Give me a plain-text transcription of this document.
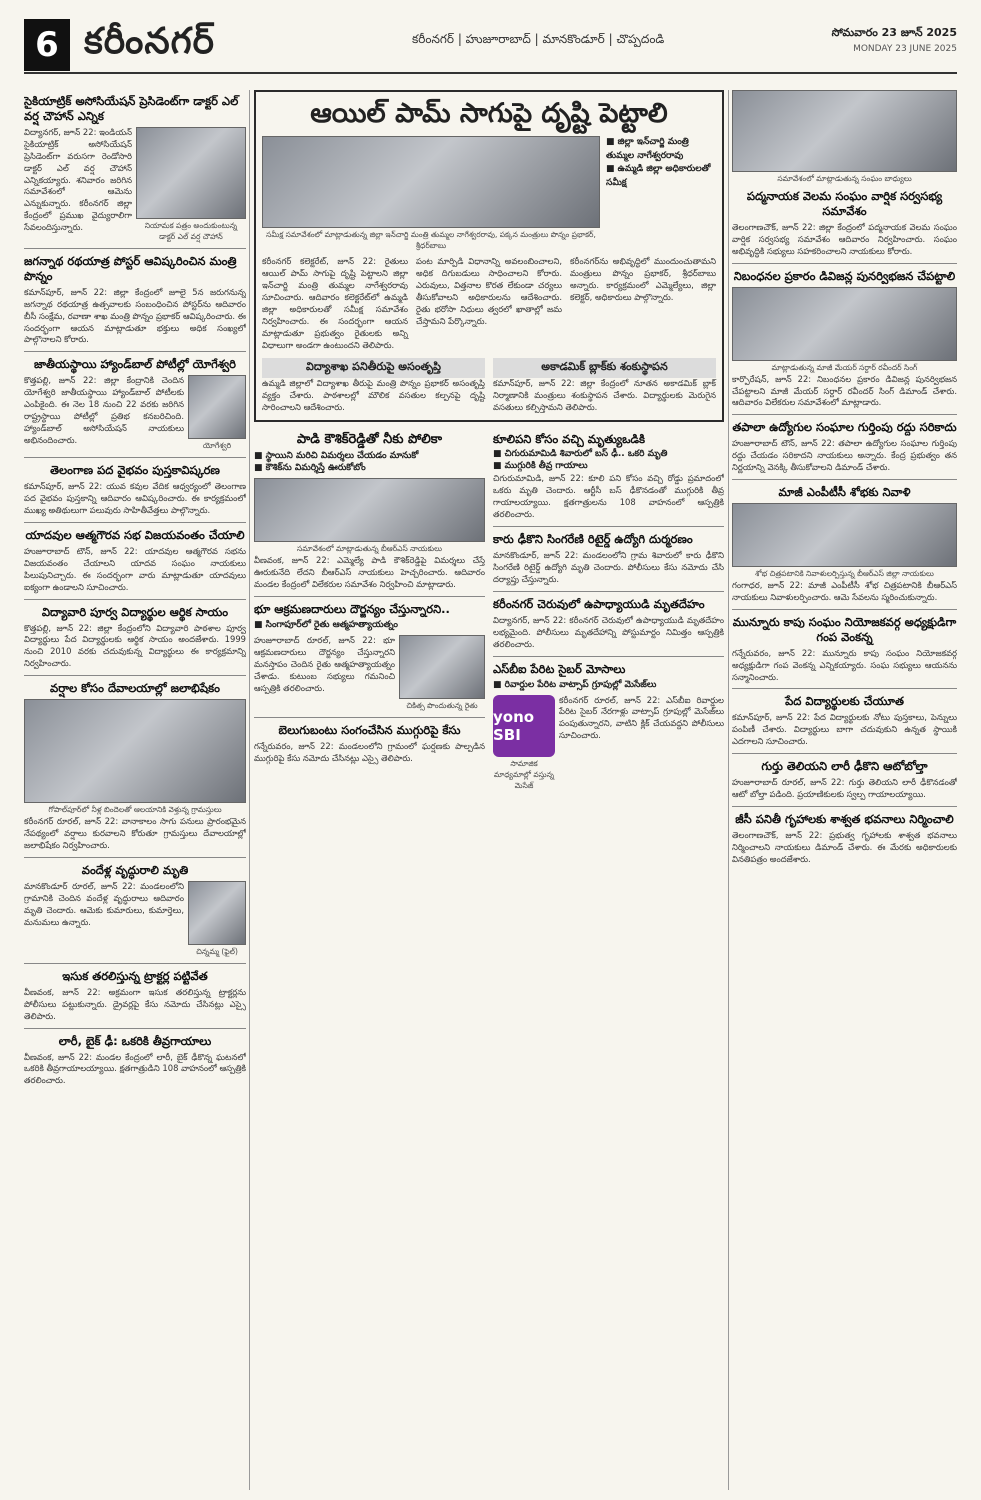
6 కరీంనగర్	కరీంనగర్ | హుజూరాబాద్ | మానకొండూర్ | చొప్పదండి	సోమవారం 23 జూన్ 2025
MONDAY 23 JUNE 2025
సైకియాట్రిక్ అసోసియేషన్ ప్రెసిడెంట్‌గా డాక్టర్ ఎల్ వర్ష చౌహాన్ ఎన్నిక
విద్యానగర్, జూన్ 22: ఇండియన్ సైకియాట్రిక్ అసోసియేషన్ ప్రెసిడెంట్‌గా వరుసగా రెండోసారి డాక్టర్ ఎల్ వర్ష చౌహాన్ ఎన్నికయ్యారు. శనివారం జరిగిన సమావేశంలో ఆమెను ఎన్నుకున్నారు. కరీంనగర్ జిల్లా కేంద్రంలో ప్రముఖ వైద్యురాలిగా సేవలందిస్తున్నారు.	నియామక పత్రం అందుకుంటున్న డాక్టర్ ఎల్ వర్ష చౌహాన్
జగన్నాథ రథయాత్ర పోస్టర్ ఆవిష్కరించిన మంత్రి పొన్నం
కమాన్‌పూర్, జూన్ 22: జిల్లా కేంద్రంలో జూలై 5న జరుగనున్న జగన్నాథ రథయాత్ర ఉత్సవాలకు సంబంధించిన పోస్టర్‌ను ఆదివారం బీసీ సంక్షేమ, రవాణా శాఖ మంత్రి పొన్నం ప్రభాకర్ ఆవిష్కరించారు. ఈ సందర్భంగా ఆయన మాట్లాడుతూ భక్తులు అధిక సంఖ్యలో పాల్గొనాలని కోరారు.
జాతీయస్థాయి హ్యాండ్‌బాల్ పోటీల్లో యోగేశ్వరి
కొత్తపల్లి, జూన్ 22: జిల్లా కేంద్రానికి చెందిన యోగేశ్వరి జాతీయస్థాయి హ్యాండ్‌బాల్ పోటీలకు ఎంపికైంది. ఈ నెల 18 నుంచి 22 వరకు జరిగిన రాష్ట్రస్థాయి పోటీల్లో ప్రతిభ కనబరిచింది. హ్యాండ్‌బాల్ అసోసియేషన్ నాయకులు అభినందించారు.
యోగేశ్వరి
తెలంగాణ పద వైభవం పుస్తకావిష్కరణ
కమాన్‌పూర్, జూన్ 22: యువ కవుల వేదిక ఆధ్వర్యంలో తెలంగాణ పద వైభవం పుస్తకాన్ని ఆదివారం ఆవిష్కరించారు. ఈ కార్యక్రమంలో ముఖ్య అతిథులుగా పలువురు సాహితీవేత్తలు పాల్గొన్నారు.
యాదవుల ఆత్మగౌరవ సభ విజయవంతం చేయాలి
హుజూరాబాద్ టౌన్, జూన్ 22: యాదవుల ఆత్మగౌరవ సభను విజయవంతం చేయాలని యాదవ సంఘం నాయకులు పిలుపునిచ్చారు. ఈ సందర్భంగా వారు మాట్లాడుతూ యాదవులు ఐక్యంగా ఉండాలని సూచించారు.
విద్యావారి పూర్వ విద్యార్థుల ఆర్థిక సాయం
కొత్తపల్లి, జూన్ 22: జిల్లా కేంద్రంలోని విద్యావారి పాఠశాల పూర్వ విద్యార్థులు పేద విద్యార్థులకు ఆర్థిక సాయం అందజేశారు. 1999 నుంచి 2010 వరకు చదువుకున్న విద్యార్థులు ఈ కార్యక్రమాన్ని నిర్వహించారు.
వర్షాల కోసం దేవాలయాల్లో జలాభిషేకం
గోపాల్‌పూర్‌లో నీళ్ల బిందెలతో ఆలయానికి వెళ్తున్న గ్రామస్తులు
కరీంనగర్ రూరల్, జూన్ 22: వానాకాలం సాగు పనులు ప్రారంభమైన నేపథ్యంలో వర్షాలు కురవాలని కోరుతూ గ్రామస్తులు దేవాలయాల్లో జలాభిషేకం నిర్వహించారు.
వందేళ్ల వృద్ధురాలి మృతి
మానకొండూర్ రూరల్, జూన్ 22: మండలంలోని గ్రామానికి చెందిన వందేళ్ల వృద్ధురాలు ఆదివారం మృతి చెందారు. ఆమెకు కుమారులు, కుమార్తెలు, మనుమలు ఉన్నారు.
చిన్నమ్మ (ఫైల్)
ఇసుక తరలిస్తున్న ట్రాక్టర్ల పట్టివేత
వీణవంక, జూన్ 22: అక్రమంగా ఇసుక తరలిస్తున్న ట్రాక్టర్లను పోలీసులు పట్టుకున్నారు. డ్రైవర్లపై కేసు నమోదు చేసినట్లు ఎస్సై తెలిపారు.
లారీ, బైక్ ఢీ: ఒకరికి తీవ్రగాయాలు
వీణవంక, జూన్ 22: మండల కేంద్రంలో లారీ, బైక్ ఢీకొన్న ఘటనలో ఒకరికి తీవ్రగాయాలయ్యాయి. క్షతగాత్రుడిని 108 వాహనంలో ఆస్పత్రికి తరలించారు.
ఆయిల్ పామ్ సాగుపై దృష్టి పెట్టాలి
సమీక్ష సమావేశంలో మాట్లాడుతున్న జిల్లా ఇన్‌చార్జి మంత్రి తుమ్మల నాగేశ్వరరావు, పక్కన మంత్రులు పొన్నం ప్రభాకర్, శ్రీధర్‌బాబు
■ జిల్లా ఇన్‌చార్జి మంత్రి తుమ్మల నాగేశ్వరరావు
■ ఉమ్మడి జిల్లా అధికారులతో సమీక్ష
కరీంనగర్ కలెక్టరేట్, జూన్ 22: రైతులు ఆయిల్ పామ్ సాగుపై దృష్టి పెట్టాలని జిల్లా ఇన్‌చార్జి మంత్రి తుమ్మల నాగేశ్వరరావు సూచించారు. ఆదివారం కలెక్టరేట్‌లో ఉమ్మడి జిల్లా అధికారులతో సమీక్ష సమావేశం నిర్వహించారు. ఈ సందర్భంగా ఆయన మాట్లాడుతూ ప్రభుత్వం రైతులకు అన్ని విధాలుగా అండగా ఉంటుందని తెలిపారు.
పంట మార్పిడి విధానాన్ని అవలంబించాలని, అధిక దిగుబడులు సాధించాలని కోరారు. ఎరువులు, విత్తనాల కొరత లేకుండా చర్యలు తీసుకోవాలని అధికారులను ఆదేశించారు. రైతు భరోసా నిధులు త్వరలో ఖాతాల్లో జమ చేస్తామని పేర్కొన్నారు.
కరీంనగర్‌ను అభివృద్ధిలో ముందుంచుతామని మంత్రులు పొన్నం ప్రభాకర్, శ్రీధర్‌బాబు అన్నారు. కార్యక్రమంలో ఎమ్మెల్యేలు, జిల్లా కలెక్టర్, అధికారులు పాల్గొన్నారు.
విద్యాశాఖ పనితీరుపై అసంతృప్తి
ఉమ్మడి జిల్లాలో విద్యాశాఖ తీరుపై మంత్రి పొన్నం ప్రభాకర్ అసంతృప్తి వ్యక్తం చేశారు. పాఠశాలల్లో మౌలిక వసతుల కల్పనపై దృష్టి సారించాలని ఆదేశించారు.
అకాడమిక్ బ్లాక్‌కు శంకుస్థాపన
కమాన్‌పూర్, జూన్ 22: జిల్లా కేంద్రంలో నూతన అకాడమిక్ బ్లాక్ నిర్మాణానికి మంత్రులు శంకుస్థాపన చేశారు. విద్యార్థులకు మెరుగైన వసతులు కల్పిస్తామని తెలిపారు.
పాడి కౌశిక్‌రెడ్డితో నీకు పోలికా
■ స్థాయిని మరిచి విమర్శలు చేయడం మానుకో
■ కౌశిక్‌ను విమర్శిస్తే ఊరుకోబోం
సమావేశంలో మాట్లాడుతున్న బీఆర్ఎస్ నాయకులు
వీణవంక, జూన్ 22: ఎమ్మెల్యే పాడి కౌశిక్‌రెడ్డిపై విమర్శలు చేస్తే ఊరుకునేది లేదని బీఆర్ఎస్ నాయకులు హెచ్చరించారు. ఆదివారం మండల కేంద్రంలో విలేకరుల సమావేశం నిర్వహించి మాట్లాడారు.
భూ ఆక్రమణదారులు దౌర్జన్యం చేస్తున్నారని..
■ సింగాపూర్‌లో రైతు ఆత్మహత్యాయత్నం
హుజూరాబాద్ రూరల్, జూన్ 22: భూ ఆక్రమణదారులు దౌర్జన్యం చేస్తున్నారని మనస్తాపం చెందిన రైతు ఆత్మహత్యాయత్నం చేశాడు. కుటుంబ సభ్యులు గమనించి ఆస్పత్రికి తరలించారు.
చికిత్స పొందుతున్న రైతు
బెలుగుబంటు సంగంచేసిన ముగ్గురిపై కేసు
గన్నేరువరం, జూన్ 22: మండలంలోని గ్రామంలో ఘర్షణకు పాల్పడిన ముగ్గురిపై కేసు నమోదు చేసినట్లు ఎస్సై తెలిపారు.
కూలిపని కోసం వచ్చి మృత్యుఒడికి
■ చిగురుమామిడి శివారులో బస్ ఢీ.. ఒకరి మృతి
■ ముగ్గురికి తీవ్ర గాయాలు
చిగురుమామిడి, జూన్ 22: కూలి పని కోసం వచ్చి రోడ్డు ప్రమాదంలో ఒకరు మృతి చెందారు. ఆర్టీసీ బస్ ఢీకొనడంతో ముగ్గురికి తీవ్ర గాయాలయ్యాయి. క్షతగాత్రులను 108 వాహనంలో ఆస్పత్రికి తరలించారు.
కారు ఢీకొని సింగరేణి రిటైర్డ్ ఉద్యోగి దుర్మరణం
మానకొండూర్, జూన్ 22: మండలంలోని గ్రామ శివారులో కారు ఢీకొని సింగరేణి రిటైర్డ్ ఉద్యోగి మృతి చెందారు. పోలీసులు కేసు నమోదు చేసి దర్యాప్తు చేస్తున్నారు.
కరీంనగర్‌ చెరువులో ఉపాధ్యాయుడి మృతదేహం
విద్యానగర్, జూన్ 22: కరీంనగర్ చెరువులో ఉపాధ్యాయుడి మృతదేహం లభ్యమైంది. పోలీసులు మృతదేహాన్ని పోస్టుమార్టం నిమిత్తం ఆస్పత్రికి తరలించారు.
ఎస్‌బీఐ పేరిట సైబర్ మోసాలు
■ రివార్డుల పేరిట వాట్సాప్ గ్రూపుల్లో మెసేజ్‌లు
yono SBI
సామాజిక మాధ్యమాల్లో వస్తున్న మెసేజ్
కరీంనగర్ రూరల్, జూన్ 22: ఎస్‌బీఐ రివార్డుల పేరిట సైబర్ నేరగాళ్లు వాట్సాప్ గ్రూపుల్లో మెసేజ్‌లు పంపుతున్నారని, వాటిని క్లిక్ చేయవద్దని పోలీసులు సూచించారు.
సమావేశంలో మాట్లాడుతున్న సంఘం బాధ్యులు
పద్మనాయక వెలమ సంఘం వార్షిక సర్వసభ్య సమావేశం
తెలంగాణచౌక్, జూన్ 22: జిల్లా కేంద్రంలో పద్మనాయక వెలమ సంఘం వార్షిక సర్వసభ్య సమావేశం ఆదివారం నిర్వహించారు. సంఘం అభివృద్ధికి సభ్యులు సహకరించాలని నాయకులు కోరారు.
నిబంధనల ప్రకారం డివిజన్ల పునర్విభజన చేపట్టాలి
మాట్లాడుతున్న మాజీ మేయర్ సర్దార్ రవీందర్ సింగ్
కార్పొరేషన్, జూన్ 22: నిబంధనల ప్రకారం డివిజన్ల పునర్విభజన చేపట్టాలని మాజీ మేయర్ సర్దార్ రవీందర్ సింగ్ డిమాండ్ చేశారు. ఆదివారం విలేకరుల సమావేశంలో మాట్లాడారు.
తపాలా ఉద్యోగుల సంఘాల గుర్తింపు రద్దు సరికాదు
హుజూరాబాద్ టౌన్, జూన్ 22: తపాలా ఉద్యోగుల సంఘాల గుర్తింపు రద్దు చేయడం సరికాదని నాయకులు అన్నారు. కేంద్ర ప్రభుత్వం తన నిర్ణయాన్ని వెనక్కి తీసుకోవాలని డిమాండ్ చేశారు.
మాజీ ఎంపీటీసీ శోభకు నివాళి
శోభ చిత్రపటానికి నివాళులర్పిస్తున్న బీఆర్ఎస్ జిల్లా నాయకులు
గంగాధర, జూన్ 22: మాజీ ఎంపీటీసీ శోభ చిత్రపటానికి బీఆర్ఎస్ నాయకులు నివాళులర్పించారు. ఆమె సేవలను స్మరించుకున్నారు.
మున్నూరు కాపు సంఘం నియోజకవర్గ అధ్యక్షుడిగా గంప వెంకన్న
గన్నేరువరం, జూన్ 22: మున్నూరు కాపు సంఘం నియోజకవర్గ అధ్యక్షుడిగా గంప వెంకన్న ఎన్నికయ్యారు. సంఘ సభ్యులు ఆయనను సన్మానించారు.
పేద విద్యార్థులకు చేయూత
కమాన్‌పూర్, జూన్ 22: పేద విద్యార్థులకు నోటు పుస్తకాలు, పెన్నులు పంపిణీ చేశారు. విద్యార్థులు బాగా చదువుకుని ఉన్నత స్థాయికి ఎదగాలని సూచించారు.
గుర్తు తెలియని లారీ ఢీకొని ఆటోబోల్తా
హుజూరాబాద్ రూరల్, జూన్ 22: గుర్తు తెలియని లారీ ఢీకొనడంతో ఆటో బోల్తా పడింది. ప్రయాణికులకు స్వల్ప గాయాలయ్యాయి.
జీసీ పనితీ గృహాలకు శాశ్వత భవనాలు నిర్మించాలి
తెలంగాణచౌక్, జూన్ 22: ప్రభుత్వ గృహాలకు శాశ్వత భవనాలు నిర్మించాలని నాయకులు డిమాండ్ చేశారు. ఈ మేరకు అధికారులకు వినతిపత్రం అందజేశారు.
